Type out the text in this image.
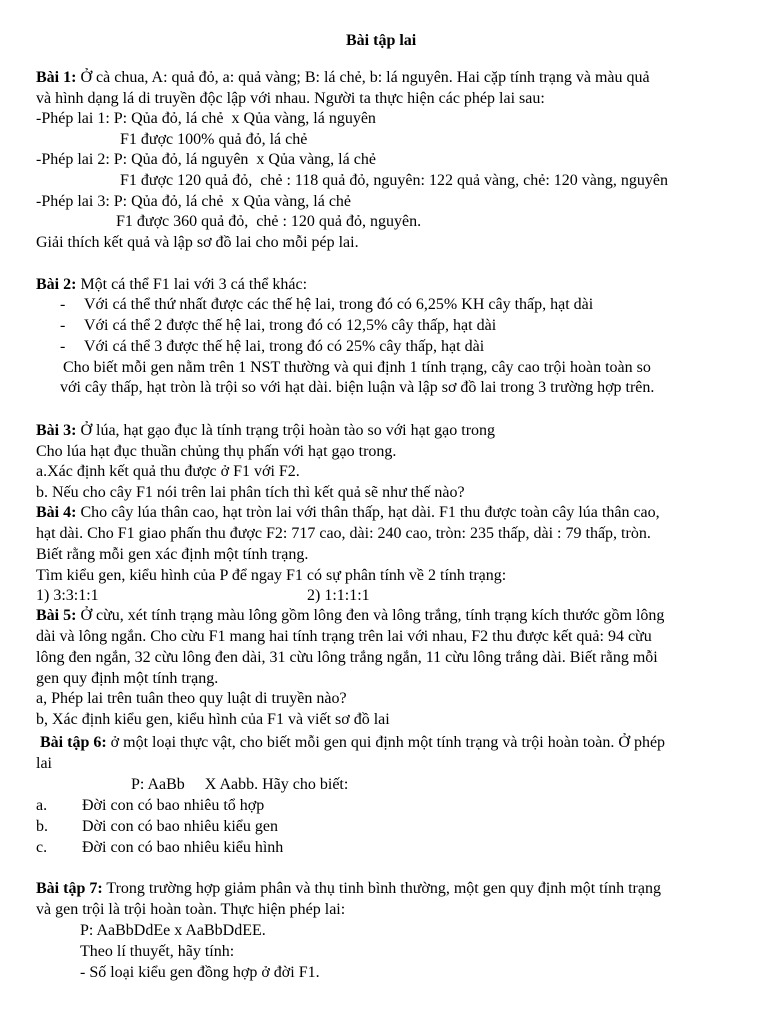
Bài tập lai
Bài 1: Ở cà chua, A: quả đỏ, a: quả vàng; B: lá chẻ, b: lá nguyên. Hai cặp tính trạng và màu quả
và hình dạng lá di truyền độc lập với nhau. Người ta thực hiện các phép lai sau:
-Phép lai 1: P: Qủa đỏ, lá chẻ  x Qủa vàng, lá nguyên
F1 được 100% quả đỏ, lá chẻ
-Phép lai 2: P: Qủa đỏ, lá nguyên  x Qủa vàng, lá chẻ
F1 được 120 quả đỏ,  chẻ : 118 quả đỏ, nguyên: 122 quả vàng, chẻ: 120 vàng, nguyên
-Phép lai 3: P: Qủa đỏ, lá chẻ  x Qủa vàng, lá chẻ
F1 được 360 quả đỏ,  chẻ : 120 quả đỏ, nguyên.
Giải thích kết quả và lập sơ đồ lai cho mỗi pép lai.
Bài 2: Một cá thể F1 lai với 3 cá thể khác:
- Với cá thể thứ nhất được các thế hệ lai, trong đó có 6,25% KH cây thấp, hạt dài
- Với cá thể 2 được thế hệ lai, trong đó có 12,5% cây thấp, hạt dài
- Với cá thể 3 được thế hệ lai, trong đó có 25% cây thấp, hạt dài
Cho biết mỗi gen nằm trên 1 NST thường và qui định 1 tính trạng, cây cao trội hoàn toàn so
với cây thấp, hạt tròn là trội so với hạt dài. biện luận và lập sơ đồ lai trong 3 trường hợp trên.
Bài 3: Ở lúa, hạt gạo đục là tính trạng trội hoàn tào so với hạt gạo trong
Cho lúa hạt đục thuần chủng thụ phấn với hạt gạo trong.
a.Xác định kết quả thu được ở F1 với F2.
b. Nếu cho cây F1 nói trên lai phân tích thì kết quả sẽ như thế nào?
Bài 4: Cho cây lúa thân cao, hạt tròn lai với thân thấp, hạt dài. F1 thu được toàn cây lúa thân cao,
hạt dài. Cho F1 giao phấn thu được F2: 717 cao, dài: 240 cao, tròn: 235 thấp, dài : 79 thấp, tròn.
Biết rằng mỗi gen xác định một tính trạng.
Tìm kiểu gen, kiểu hình của P để ngay F1 có sự phân tính về 2 tính trạng:
1) 3:3:1:1	2) 1:1:1:1
Bài 5: Ở cừu, xét tính trạng màu lông gồm lông đen và lông trắng, tính trạng kích thước gồm lông
dài và lông ngắn. Cho cừu F1 mang hai tính trạng trên lai với nhau, F2 thu được kết quả: 94 cừu
lông đen ngắn, 32 cừu lông đen dài, 31 cừu lông trắng ngắn, 11 cừu lông trắng dài. Biết rằng mỗi
gen quy định một tính trạng.
a, Phép lai trên tuân theo quy luật di truyền nào?
b, Xác định kiểu gen, kiểu hình của F1 và viết sơ đồ lai
Bài tập 6: ở một loại thực vật, cho biết mỗi gen qui định một tính trạng và trội hoàn toàn. Ở phép
lai
P: AaBb     X Aabb. Hãy cho biết:
a. Đời con có bao nhiêu tổ hợp
b. Dời con có bao nhiêu kiểu gen
c. Đời con có bao nhiêu kiểu hình
Bài tập 7: Trong trường hợp giảm phân và thụ tinh bình thường, một gen quy định một tính trạng
và gen trội là trội hoàn toàn. Thực hiện phép lai:
P: AaBbDdEe x AaBbDdEE.
Theo lí thuyết, hãy tính:
- Số loại kiểu gen đồng hợp ở đời F1.
